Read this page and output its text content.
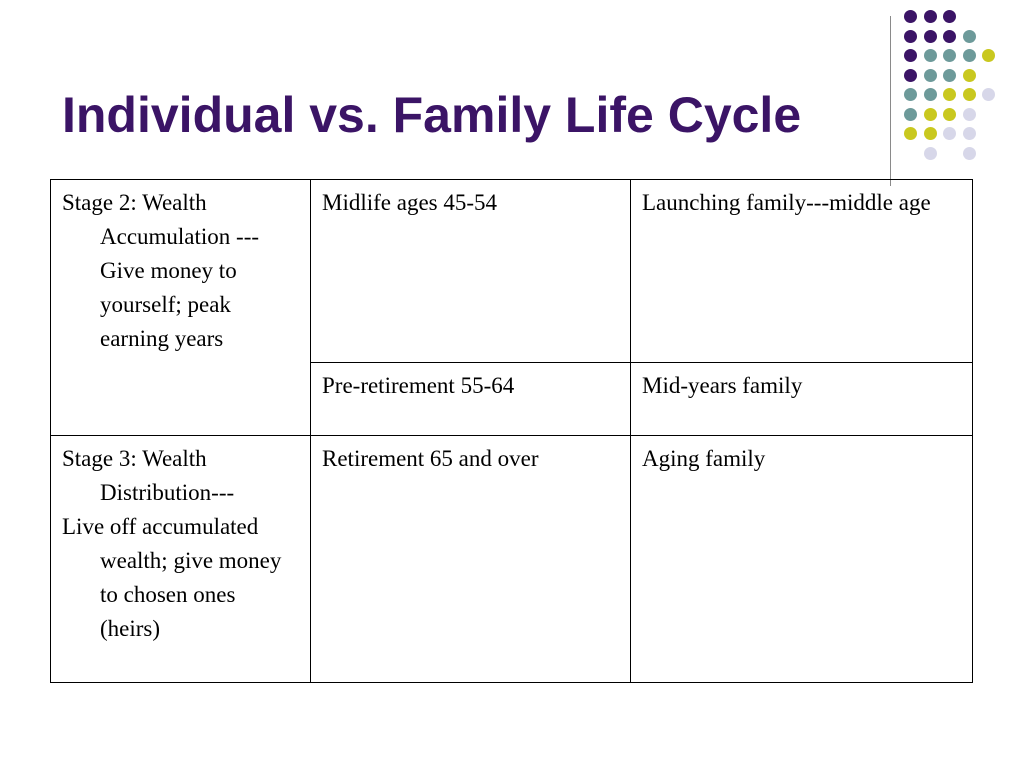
Individual vs. Family Life Cycle

Stage 2: Wealth Accumulation ---Give money to yourself; peak earning years	Midlife ages 45-54	Launching family---middle age

	Pre-retirement 55-64	Mid-years family

Stage 3: Wealth Distribution---

Live off accumulated wealth; give money to chosen ones (heirs)	Retirement 65 and over	Aging family
